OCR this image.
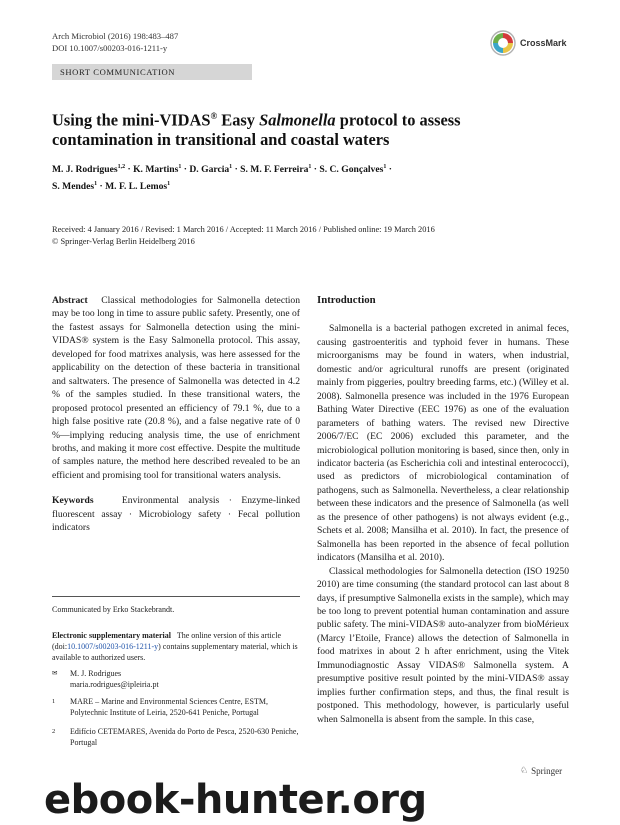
Arch Microbiol (2016) 198:483–487
DOI 10.1007/s00203-016-1211-y	CrossMark
SHORT COMMUNICATION
Using the mini-VIDAS® Easy Salmonella protocol to assess contamination in transitional and coastal waters
M. J. Rodrigues$^{1,2}$ · K. Martins$^1$ · D. Garcia$^1$ · S. M. F. Ferreira$^1$ · S. C. Gonçalves$^1$ ·
S. Mendes$^1$ · M. F. L. Lemos$^1$
Received: 4 January 2016 / Revised: 1 March 2016 / Accepted: 11 March 2016 / Published online: 19 March 2016
© Springer-Verlag Berlin Heidelberg 2016

Abstract Classical methodologies for Salmonella detection may be too long in time to assure public safety. Presently, one of the fastest assays for Salmonella detection using the mini-VIDAS® system is the Easy Salmonella protocol. This assay, developed for food matrixes analysis, was here assessed for the applicability on the detection of these bacteria in transitional and saltwaters. The presence of Salmonella was detected in 4.2 % of the samples studied. In these transitional waters, the proposed protocol presented an efficiency of 79.1 %, due to a high false positive rate (20.8 %), and a false negative rate of 0 %—implying reducing analysis time, the use of enrichment broths, and making it more cost effective. Despite the multitude of samples nature, the method here described revealed to be an efficient and promising tool for transitional waters analysis.

Keywords	Environmental analysis · Enzyme-linked fluorescent assay · Microbiology safety · Fecal pollution indicators

Communicated by Erko Stackebrandt.
Electronic supplementary material The online version of this article (doi:10.1007/s00203-016-1211-y) contains supplementary material, which is available to authorized users.
✉	M. J. Rodrigues
maria.rodrigues@ipleiria.pt
1	MARE – Marine and Environmental Sciences Centre, ESTM, Polytechnic Institute of Leiria, 2520-641 Peniche, Portugal
2	Edifício CETEMARES, Avenida do Porto de Pesca, 2520-630 Peniche, Portugal
Introduction

Salmonella is a bacterial pathogen excreted in animal feces, causing gastroenteritis and typhoid fever in humans. These microorganisms may be found in waters, when industrial, domestic and/or agricultural runoffs are present (originated mainly from piggeries, poultry breeding farms, etc.) (Willey et al. 2008). Salmonella presence was included in the 1976 European Bathing Water Directive (EEC 1976) as one of the evaluation parameters of bathing waters. The revised new Directive 2006/7/EC (EC 2006) excluded this parameter, and the microbiological pollution monitoring is based, since then, only in indicator bacteria (as Escherichia coli and intestinal enterococci), used as predictors of microbiological contamination of pathogens, such as Salmonella. Nevertheless, a clear relationship between these indicators and the presence of Salmonella (as well as the presence of other pathogens) is not always evident (e.g., Schets et al. 2008; Mansilha et al. 2010). In fact, the presence of Salmonella has been reported in the absence of fecal pollution indicators (Mansilha et al. 2010).

Classical methodologies for Salmonella detection (ISO 19250 2010) are time consuming (the standard protocol can last about 8 days, if presumptive Salmonella exists in the sample), which may be too long to prevent potential human contamination and assure public safety. The mini-VIDAS® auto-analyzer from bioMérieux (Marcy l’Etoile, France) allows the detection of Salmonella in food matrixes in about 2 h after enrichment, using the Vitek Immunodiagnostic Assay VIDAS® Salmonella system. A presumptive positive result pointed by the mini-VIDAS® assay implies further confirmation steps, and thus, the final result is postponed. This methodology, however, is particularly useful when Salmonella is absent from the sample. In this case,

♘ Springer
ebook-hunter.org
